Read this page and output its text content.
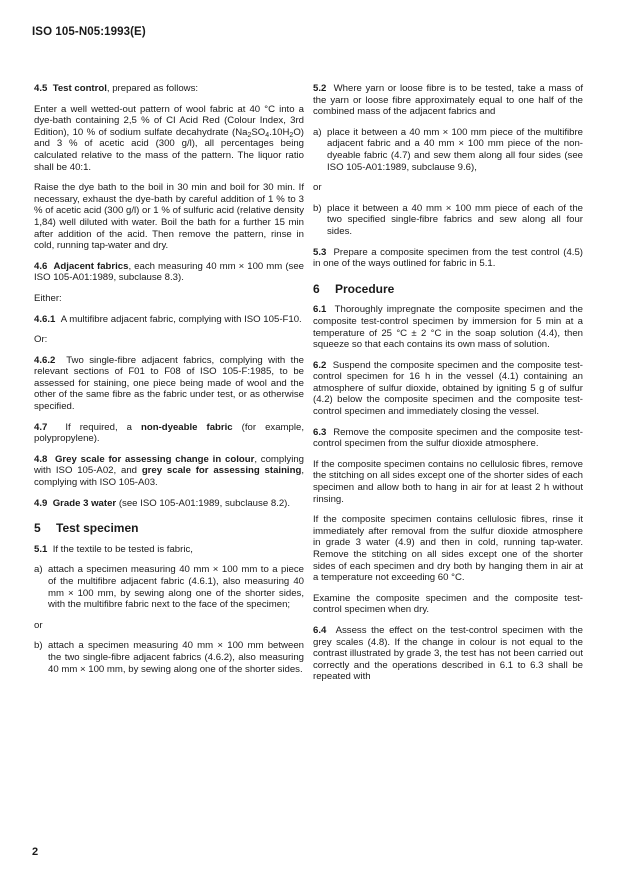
ISO 105-N05:1993(E)

4.5 Test control, prepared as follows:

Enter a well wetted-out pattern of wool fabric at 40 °C into a dye-bath containing 2,5 % of CI Acid Red (Colour Index, 3rd Edition), 10 % of sodium sulfate decahydrate $(Na_2SO_4.10H_2O)$ and 3 % of acetic acid (300 g/l), all percentages being calculated relative to the mass of the pattern. The liquor ratio shall be 40:1.

Raise the dye bath to the boil in 30 min and boil for 30 min. If necessary, exhaust the dye-bath by careful addition of 1 % to 3 % of acetic acid (300 g/l) or 1 % of sulfuric acid (relative density 1,84) well diluted with water. Boil the bath for a further 15 min after addition of the acid. Then remove the pattern, rinse in cold, running tap-water and dry.

4.6 Adjacent fabrics, each measuring 40 mm × 100 mm (see ISO 105-A01:1989, subclause 8.3).

Either:

4.6.1 A multifibre adjacent fabric, complying with ISO 105-F10.

Or:

4.6.2 Two single-fibre adjacent fabrics, complying with the relevant sections of F01 to F08 of ISO 105-F:1985, to be assessed for staining, one piece being made of wool and the other of the same fibre as the fabric under test, or as otherwise specified.

4.7 If required, a non-dyeable fabric (for example, polypropylene).

4.8 Grey scale for assessing change in colour, complying with ISO 105-A02, and grey scale for assessing staining, complying with ISO 105-A03.

4.9 Grade 3 water (see ISO 105-A01:1989, subclause 8.2).

5 Test specimen

5.1 If the textile to be tested is fabric,

a) attach a specimen measuring 40 mm × 100 mm to a piece of the multifibre adjacent fabric (4.6.1), also measuring 40 mm × 100 mm, by sewing along one of the shorter sides, with the multifibre fabric next to the face of the specimen;

or

b) attach a specimen measuring 40 mm × 100 mm between the two single-fibre adjacent fabrics (4.6.2), also measuring 40 mm × 100 mm, by sewing along one of the shorter sides.

5.2 Where yarn or loose fibre is to be tested, take a mass of the yarn or loose fibre approximately equal to one half of the combined mass of the adjacent fabrics and

a) place it between a 40 mm × 100 mm piece of the multifibre adjacent fabric and a 40 mm × 100 mm piece of the non-dyeable fabric (4.7) and sew them along all four sides (see ISO 105-A01:1989, subclause 9.6),

or

b) place it between a 40 mm × 100 mm piece of each of the two specified single-fibre fabrics and sew along all four sides.

5.3 Prepare a composite specimen from the test control (4.5) in one of the ways outlined for fabric in 5.1.

6 Procedure

6.1 Thoroughly impregnate the composite specimen and the composite test-control specimen by immersion for 5 min at a temperature of 25 °C ± 2 °C in the soap solution (4.4), then squeeze so that each contains its own mass of solution.

6.2 Suspend the composite specimen and the composite test-control specimen for 16 h in the vessel (4.1) containing an atmosphere of sulfur dioxide, obtained by igniting 5 g of sulfur (4.2) below the composite specimen and the composite test-control specimen and immediately closing the vessel.

6.3 Remove the composite specimen and the composite test-control specimen from the sulfur dioxide atmosphere.

If the composite specimen contains no cellulosic fibres, remove the stitching on all sides except one of the shorter sides of each specimen and allow both to hang in air for at least 2 h without rinsing.

If the composite specimen contains cellulosic fibres, rinse it immediately after removal from the sulfur dioxide atmosphere in grade 3 water (4.9) and then in cold, running tap-water. Remove the stitching on all sides except one of the shorter sides of each specimen and dry both by hanging them in air at a temperature not exceeding 60 °C.

Examine the composite specimen and the composite test-control specimen when dry.

6.4 Assess the effect on the test-control specimen with the grey scales (4.8). If the change in colour is not equal to the contrast illustrated by grade 3, the test has not been carried out correctly and the operations described in 6.1 to 6.3 shall be repeated with

2
